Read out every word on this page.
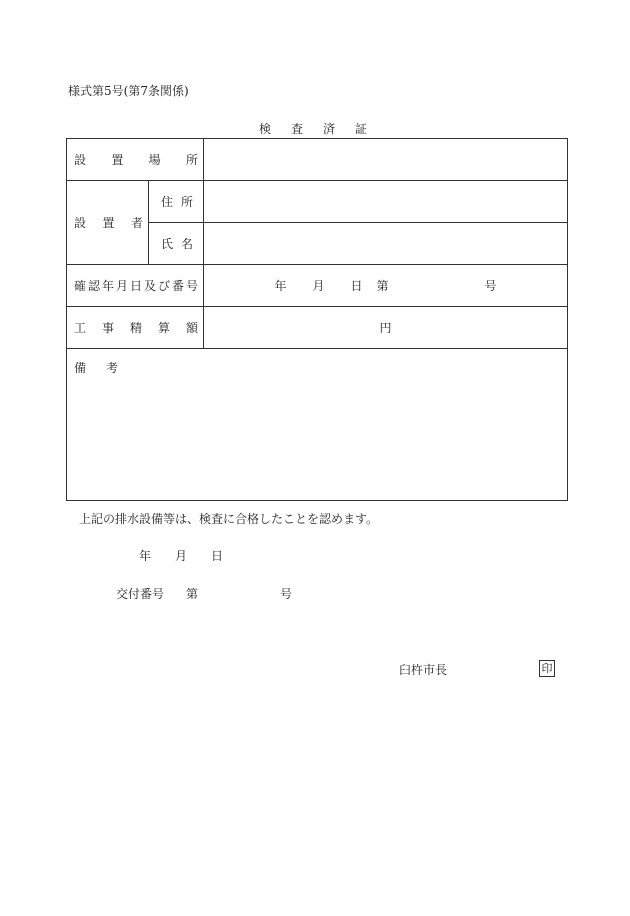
様式第5号(第7条関係)
検査済証
設置場所		
設置者	住所	
	氏名	
確認年月日及び番号		年 月 日第 号
工事精算額		円
備考		
上記の排水設備等は、検査に合格したことを認めます。
年 月 日
交付番号 第	号
臼杵市長	印
